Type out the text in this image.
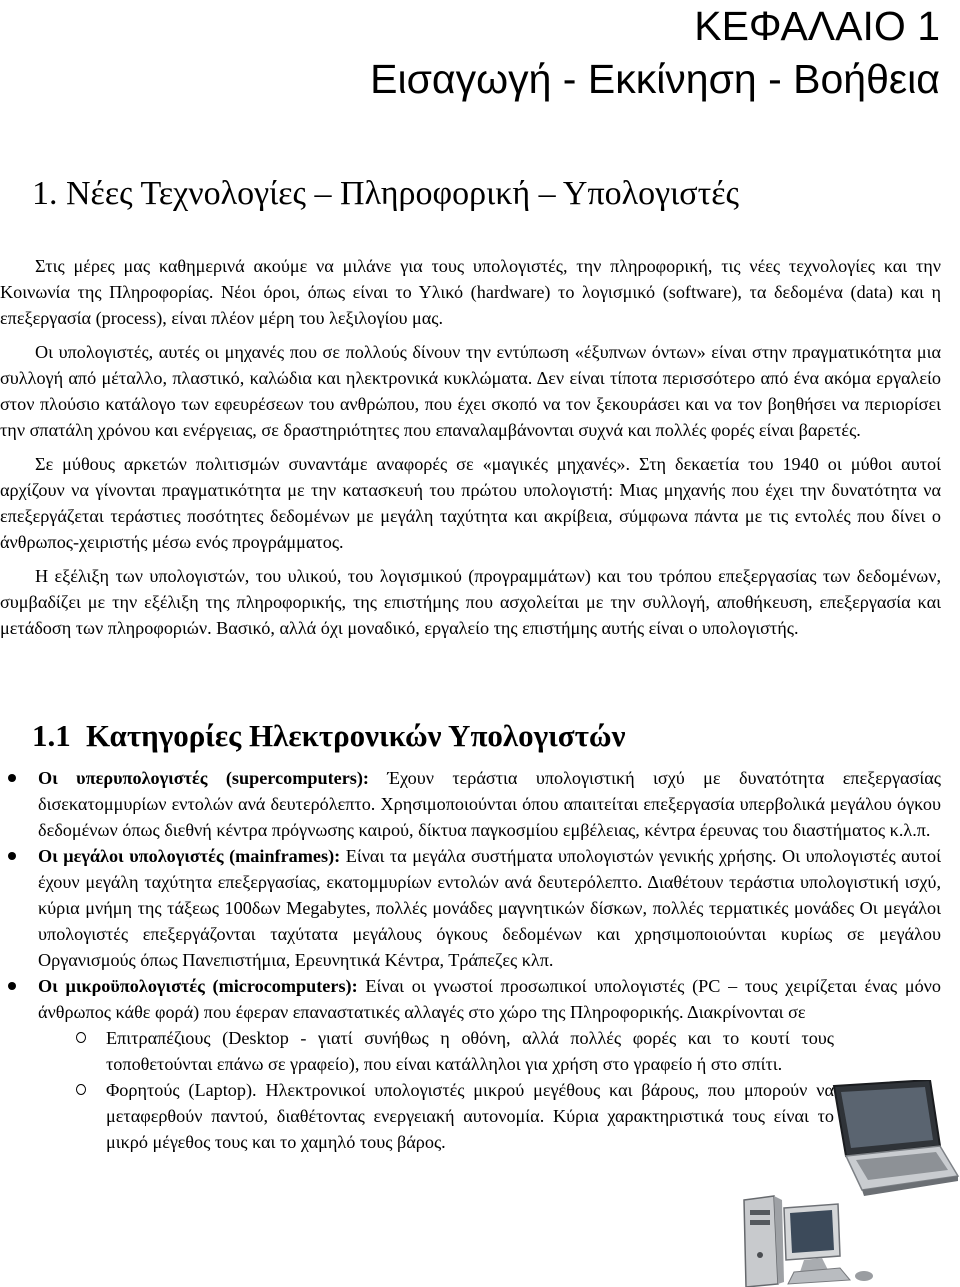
ΚΕΦΑΛΑΙΟ 1
Εισαγωγή - Εκκίνηση - Βοήθεια
1. Νέες Τεχνολογίες – Πληροφορική – Υπολογιστές

Στις μέρες μας καθημερινά ακούμε να μιλάνε για τους υπολογιστές, την πληροφορική, τις νέες τεχνολογίες και την Κοινωνία της Πληροφορίας. Νέοι όροι, όπως είναι το Υλικό (hardware) το λογισμικό (software), τα δεδομένα (data) και η επεξεργασία (process), είναι πλέον μέρη του λεξιλογίου μας.

Οι υπολογιστές, αυτές οι μηχανές που σε πολλούς δίνουν την εντύπωση «έξυπνων όντων» είναι στην πραγματικότητα μια συλλογή από μέταλλο, πλαστικό, καλώδια και ηλεκτρονικά κυκλώματα. Δεν είναι τίποτα περισσότερο από ένα ακόμα εργαλείο στον πλούσιο κατάλογο των εφευρέσεων του ανθρώπου, που έχει σκοπό να τον ξεκουράσει και να τον βοηθήσει να περιορίσει την σπατάλη χρόνου και ενέργειας, σε δραστηριότητες που επαναλαμβάνονται συχνά και πολλές φορές είναι βαρετές.

Σε μύθους αρκετών πολιτισμών συναντάμε αναφορές σε «μαγικές μηχανές». Στη δεκαετία του 1940 οι μύθοι αυτοί αρχίζουν να γίνονται πραγματικότητα με την κατασκευή του πρώτου υπολογιστή: Μιας μηχανής που έχει την δυνατότητα να επεξεργάζεται τεράστιες ποσότητες δεδομένων με μεγάλη ταχύτητα και ακρίβεια, σύμφωνα πάντα με τις εντολές που δίνει ο άνθρωπος-χειριστής μέσω ενός προγράμματος.

Η εξέλιξη των υπολογιστών, του υλικού, του λογισμικού (προγραμμάτων) και του τρόπου επεξεργασίας των δεδομένων, συμβαδίζει με την εξέλιξη της πληροφορικής, της επιστήμης που ασχολείται με την συλλογή, αποθήκευση, επεξεργασία και μετάδοση των πληροφοριών. Βασικό, αλλά όχι μοναδικό, εργαλείο της επιστήμης αυτής είναι ο υπολογιστής.

1.1 Κατηγορίες Ηλεκτρονικών Υπολογιστών
Οι υπερυπολογιστές (supercomputers): Έχουν τεράστια υπολογιστική ισχύ με δυνατότητα επεξεργασίας δισεκατομμυρίων εντολών ανά δευτερόλεπτο. Χρησιμοποιούνται όπου απαιτείται επεξεργασία υπερβολικά μεγάλου όγκου δεδομένων όπως διεθνή κέντρα πρόγνωσης καιρού, δίκτυα παγκοσμίου εμβέλειας, κέντρα έρευνας του διαστήματος κ.λ.π.
Οι μεγάλοι υπολογιστές (mainframes): Είναι τα μεγάλα συστήματα υπολογιστών γενικής χρήσης. Οι υπολογιστές αυτοί έχουν μεγάλη ταχύτητα επεξεργασίας, εκατομμυρίων εντολών ανά δευτερόλεπτο. Διαθέτουν τεράστια υπολογιστική ισχύ, κύρια μνήμη της τάξεως 100δων Megabytes, πολλές μονάδες μαγνητικών δίσκων, πολλές τερματικές μονάδες Οι μεγάλοι υπολογιστές επεξεργάζονται ταχύτατα μεγάλους όγκους δεδομένων και χρησιμοποιούνται κυρίως σε μεγάλου Οργανισμούς όπως Πανεπιστήμια, Ερευνητικά Κέντρα, Τράπεζες κλπ.
Οι μικροϋπολογιστές (microcomputers): Είναι οι γνωστοί προσωπικοί υπολογιστές (PC – τους χειρίζεται ένας μόνο άνθρωπος κάθε φορά) που έφεραν επαναστατικές αλλαγές στο χώρο της Πληροφορικής. Διακρίνονται σε
Επιτραπέζιους (Desktop - γιατί συνήθως η οθόνη, αλλά πολλές φορές και το κουτί τους τοποθετούνται επάνω σε γραφείο), που είναι κατάλληλοι για χρήση στο γραφείο ή στο σπίτι.
Φορητούς (Laptop). Ηλεκτρονικοί υπολογιστές μικρού μεγέθους και βάρους, που μπορούν να μεταφερθούν παντού, διαθέτοντας ενεργειακή αυτονομία. Κύρια χαρακτηριστικά τους είναι το μικρό μέγεθος τους και το χαμηλό τους βάρος.
